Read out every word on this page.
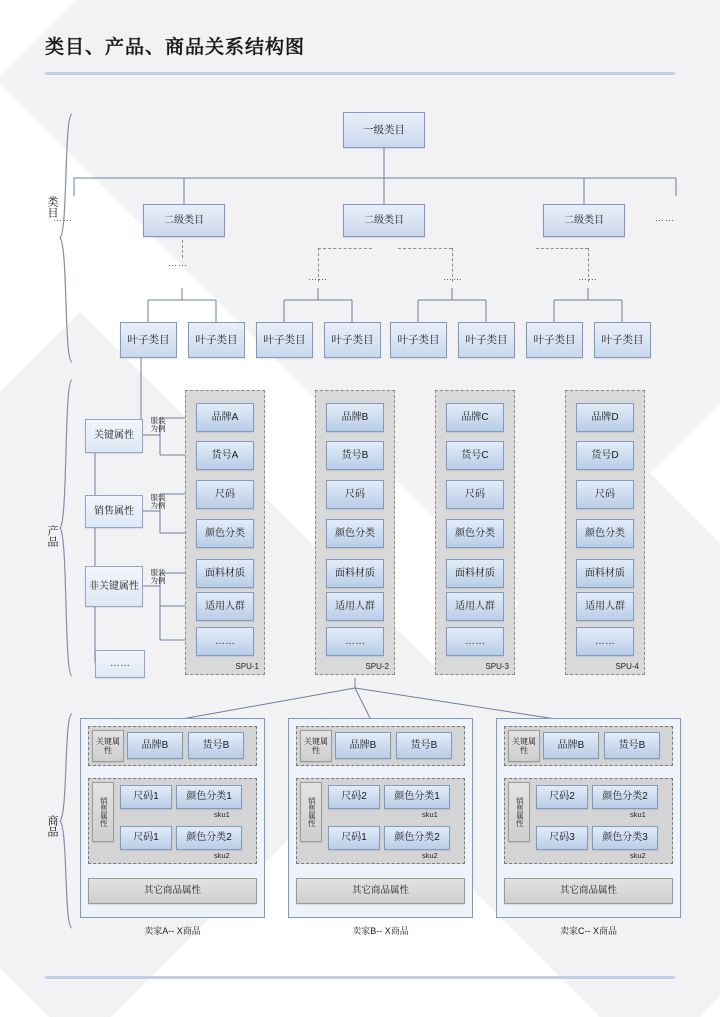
类目、产品、商品关系结构图
类目
一级类目
二级类目	二级类目	二级类目
……	……
……
……	……	……
叶子类目 叶子类目 叶子类目 叶子类目 叶子类目 叶子类目 叶子类目 叶子类目
产品
关键属性
销售属性
非关键属性
……
服装为例
服装为例
服装为例
SPU-1
品牌A
货号A
尺码
颜色分类
面料材质
适用人群
……
SPU-2
品牌B
货号B
尺码
颜色分类
面料材质
适用人群
……
SPU-3
品牌C
货号C
尺码
颜色分类
面料材质
适用人群
……
SPU-4
品牌D
货号D
尺码
颜色分类
面料材质
适用人群
……
商品
关键属性	品牌B	货号B
销售属性
尺码1	颜色分类1
sku1
尺码1	颜色分类2
sku2
其它商品属性
卖家A-- X商品
关键属性	品牌B	货号B
销售属性
尺码2	颜色分类1
sku1
尺码1	颜色分类2
sku2
其它商品属性
卖家B-- X商品
关键属性	品牌B	货号B
销售属性
尺码2	颜色分类2
sku1
尺码3	颜色分类3
sku2
其它商品属性
卖家C-- X商品
